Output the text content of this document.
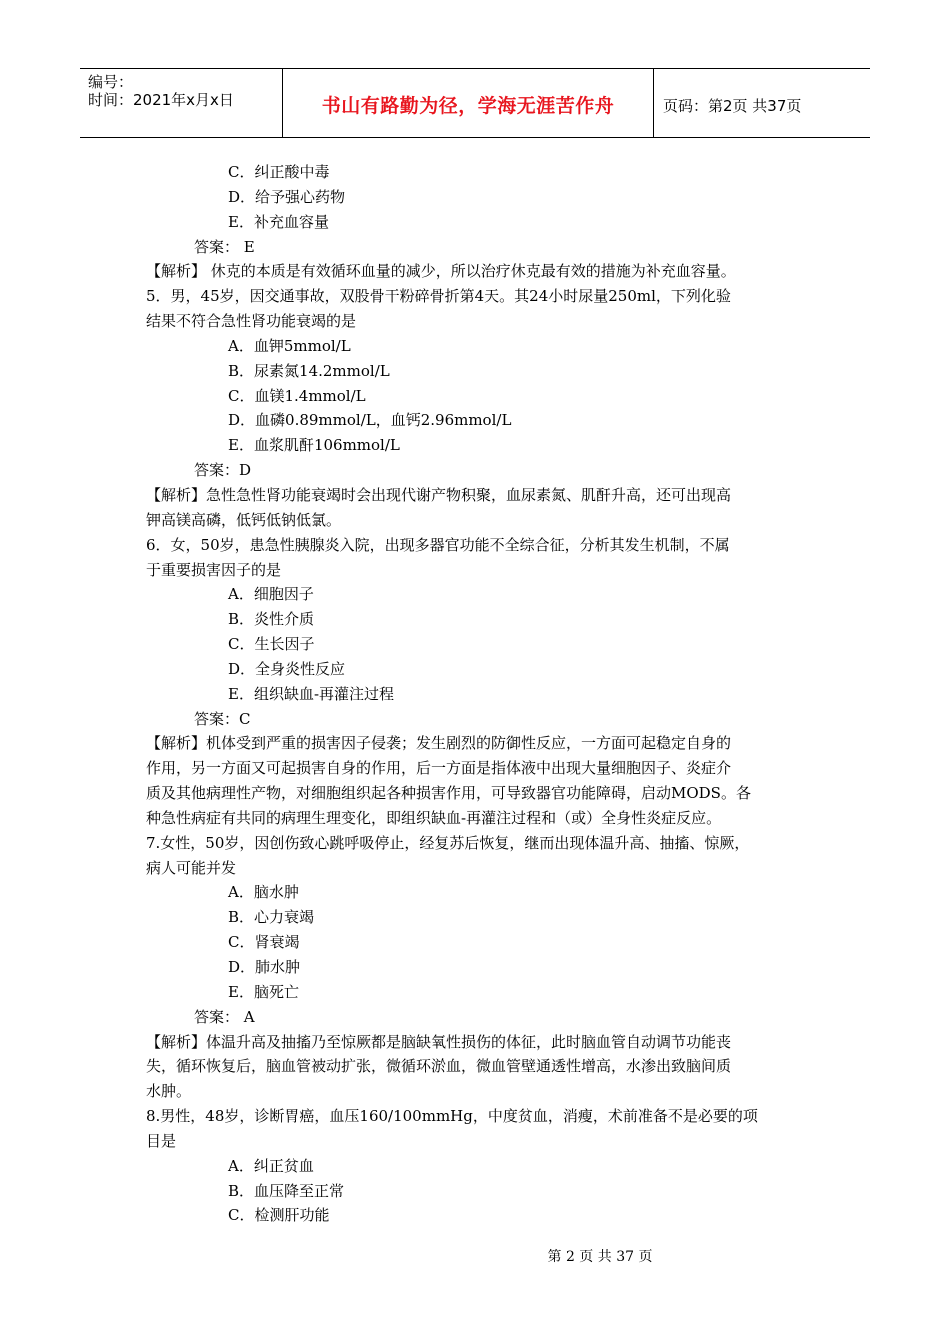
编号：
时间：2021年x月x日	书山有路勤为径，学海无涯苦作舟	页码：第2页 共37页
C．纠正酸中毒
D．给予强心药物
E．补充血容量
答案： E
【解析】 休克的本质是有效循环血量的减少，所以治疗休克最有效的措施为补充血容量。
5．男，45岁，因交通事故，双股骨干粉碎骨折第4天。其24小时尿量250ml，下列化验
结果不符合急性肾功能衰竭的是
A．血钾5mmol/L
B．尿素氮14.2mmol/L
C．血镁1.4mmol/L
D．血磷0.89mmol/L，血钙2.96mmol/L
E．血浆肌酐106mmol/L
答案：D
【解析】急性急性肾功能衰竭时会出现代谢产物积聚，血尿素氮、肌酐升高，还可出现高
钾高镁高磷，低钙低钠低氯。
6．女，50岁，患急性胰腺炎入院，出现多器官功能不全综合征，分析其发生机制，不属
于重要损害因子的是
A．细胞因子
B．炎性介质
C．生长因子
D．全身炎性反应
E．组织缺血-再灌注过程
答案：C
【解析】机体受到严重的损害因子侵袭；发生剧烈的防御性反应，一方面可起稳定自身的
作用，另一方面又可起损害自身的作用，后一方面是指体液中出现大量细胞因子、炎症介
质及其他病理性产物，对细胞组织起各种损害作用，可导致器官功能障碍，启动MODS。各
种急性病症有共同的病理生理变化，即组织缺血-再灌注过程和（或）全身性炎症反应。
7.女性，50岁，因创伤致心跳呼吸停止，经复苏后恢复，继而出现体温升高、抽搐、惊厥，
病人可能并发
A．脑水肿
B．心力衰竭
C．肾衰竭
D．肺水肿
E．脑死亡
答案： A
【解析】体温升高及抽搐乃至惊厥都是脑缺氧性损伤的体征，此时脑血管自动调节功能丧
失，循环恢复后，脑血管被动扩张，微循环淤血，微血管壁通透性增高，水渗出致脑间质
水肿。
8.男性，48岁，诊断胃癌，血压160/100mmHg，中度贫血，消瘦，术前准备不是必要的项
目是
A．纠正贫血
B．血压降至正常
C．检测肝功能
第 2 页 共 37 页
